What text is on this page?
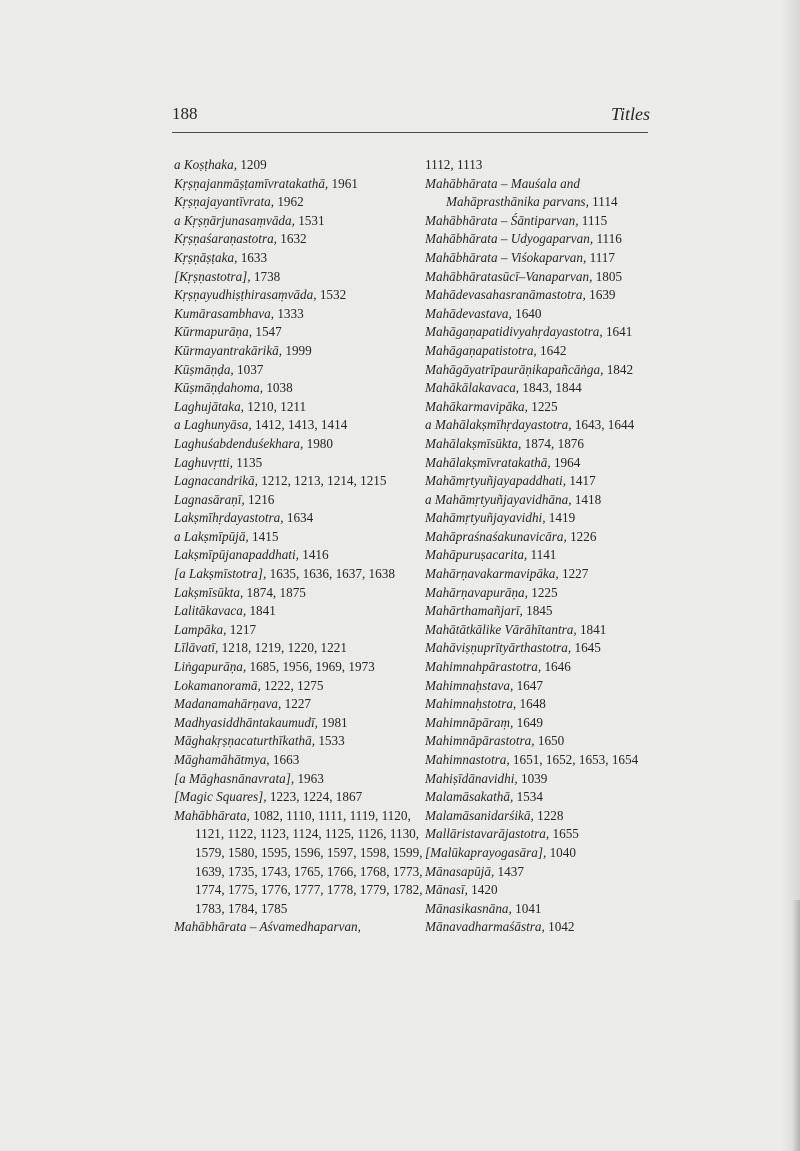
188	Titles
a Koṣṭhaka, 1209
Kṛṣṇajanmāṣṭamīvratakathā, 1961
Kṛṣṇajayantīvrata, 1962
a Kṛṣṇārjunasaṃvāda, 1531
Kṛṣṇaśaraṇastotra, 1632
Kṛṣṇāṣṭaka, 1633
[Kṛṣṇastotra], 1738
Kṛṣṇayudhiṣṭhirasaṃvāda, 1532
Kumārasambhava, 1333
Kūrmapurāṇa, 1547
Kūrmayantrakārikā, 1999
Kūṣmāṇḍa, 1037
Kūṣmāṇḍahoma, 1038
Laghujātaka, 1210, 1211
a Laghunyāsa, 1412, 1413, 1414
Laghuśabdenduśekhara, 1980
Laghuvṛtti, 1135
Lagnacandrikā, 1212, 1213, 1214, 1215
Lagnasāraṇī, 1216
Lakṣmīhṛdayastotra, 1634
a Lakṣmīpūjā, 1415
Lakṣmīpūjanapaddhati, 1416
[a Lakṣmīstotra], 1635, 1636, 1637, 1638
Lakṣmīsūkta, 1874, 1875
Lalitākavaca, 1841
Lampāka, 1217
Līlāvatī, 1218, 1219, 1220, 1221
Liṅgapurāṇa, 1685, 1956, 1969, 1973
Lokamanoramā, 1222, 1275
Madanamahārṇava, 1227
Madhyasiddhāntakaumudī, 1981
Māghakṛṣṇacaturthīkathā, 1533
Māghamāhātmya, 1663
[a Māghasnānavrata], 1963
[Magic Squares], 1223, 1224, 1867
Mahābhārata, 1082, 1110, 1111, 1119, 1120, 1121, 1122, 1123, 1124, 1125, 1126, 1130, 1579, 1580, 1595, 1596, 1597, 1598, 1599, 1639, 1735, 1743, 1765, 1766, 1768, 1773, 1774, 1775, 1776, 1777, 1778, 1779, 1782, 1783, 1784, 1785
Mahābhārata – Aśvamedhaparvan,
1112, 1113
Mahābhārata – Mauśala and Mahāprasthānika parvans, 1114
Mahābhārata – Śāntiparvan, 1115
Mahābhārata – Udyogaparvan, 1116
Mahābhārata – Viśokaparvan, 1117
Mahābhāratasūcī–Vanaparvan, 1805
Mahādevasahasranāmastotra, 1639
Mahādevastava, 1640
Mahāgaṇapatidivyahṛdayastotra, 1641
Mahāgaṇapatistotra, 1642
Mahāgāyatrīpaurāṇikapañcāṅga, 1842
Mahākālakavaca, 1843, 1844
Mahākarmavipāka, 1225
a Mahālakṣmīhṛdayastotra, 1643, 1644
Mahālakṣmīsūkta, 1874, 1876
Mahālakṣmīvratakathā, 1964
Mahāmṛtyuñjayapaddhati, 1417
a Mahāmṛtyuñjayavidhāna, 1418
Mahāmṛtyuñjayavidhi, 1419
Mahāpraśnaśakunavicāra, 1226
Mahāpuruṣacarita, 1141
Mahārṇavakarmavipāka, 1227
Mahārṇavapurāṇa, 1225
Mahārthamañjarī, 1845
Mahātātkālike Vārāhītantra, 1841
Mahāviṣṇuprītyārthastotra, 1645
Mahimnahpārastotra, 1646
Mahimnaḥstava, 1647
Mahimnaḥstotra, 1648
Mahimnāpāraṃ, 1649
Mahimnāpārastotra, 1650
Mahimnastotra, 1651, 1652, 1653, 1654
Mahiṣīdānavidhi, 1039
Malamāsakathā, 1534
Malamāsanidarśikā, 1228
Mallāristavarājastotra, 1655
[Malūkaprayogasāra], 1040
Mānasapūjā, 1437
Mānasī, 1420
Mānasikasnāna, 1041
Mānavadharmaśāstra, 1042
